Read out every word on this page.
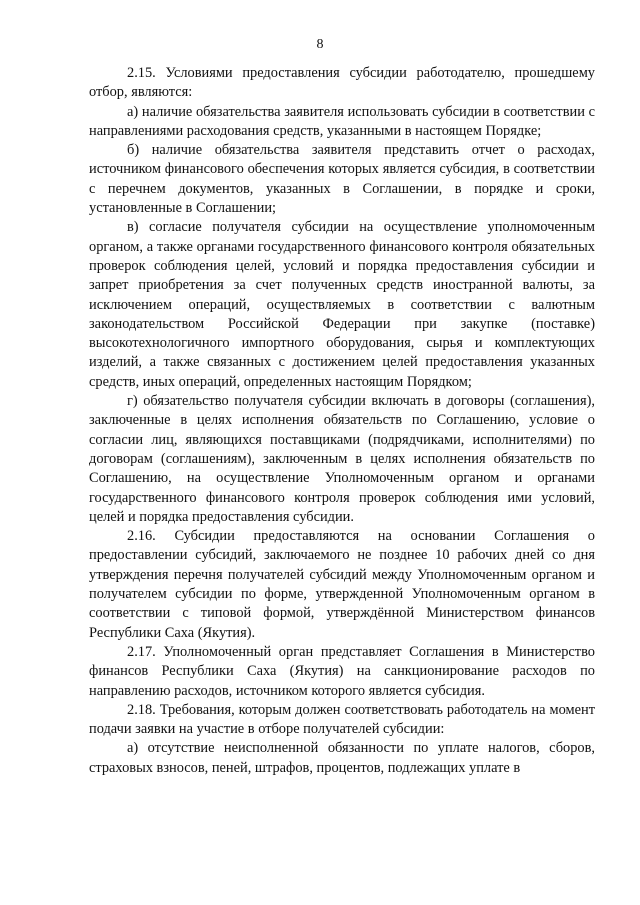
8

2.15. Условиями предоставления субсидии работодателю, прошедшему отбор, являются:

а) наличие обязательства заявителя использовать субсидии в соответствии с направлениями расходования средств, указанными в настоящем Порядке;

б) наличие обязательства заявителя представить отчет о расходах, источником финансового обеспечения которых является субсидия, в соответствии с перечнем документов, указанных в Соглашении, в порядке и сроки, установленные в Соглашении;

в) согласие получателя субсидии на осуществление уполномоченным органом, а также органами государственного финансового контроля обязательных проверок соблюдения целей, условий и порядка предоставления субсидии и запрет приобретения за счет полученных средств иностранной валюты, за исключением операций, осуществляемых в соответствии с валютным законодательством Российской Федерации при закупке (поставке) высокотехнологичного импортного оборудования, сырья и комплектующих изделий, а также связанных с достижением целей предоставления указанных средств, иных операций, определенных настоящим Порядком;

г) обязательство получателя субсидии включать в договоры (соглашения), заключенные в целях исполнения обязательств по Соглашению, условие о согласии лиц, являющихся поставщиками (подрядчиками, исполнителями) по договорам (соглашениям), заключенным в целях исполнения обязательств по Соглашению, на осуществление Уполномоченным органом и органами государственного финансового контроля проверок соблюдения ими условий, целей и порядка предоставления субсидии.

2.16. Субсидии предоставляются на основании Соглашения о предоставлении субсидий, заключаемого не позднее 10 рабочих дней со дня утверждения перечня получателей субсидий между Уполномоченным органом и получателем субсидии по форме, утвержденной Уполномоченным органом в соответствии с типовой формой, утверждённой Министерством финансов Республики Саха (Якутия).

2.17. Уполномоченный орган представляет Соглашения в Министерство финансов Республики Саха (Якутия) на санкционирование расходов по направлению расходов, источником которого является субсидия.

2.18. Требования, которым должен соответствовать работодатель на момент подачи заявки на участие в отборе получателей субсидии:

а) отсутствие неисполненной обязанности по уплате налогов, сборов, страховых взносов, пеней, штрафов, процентов, подлежащих уплате в
